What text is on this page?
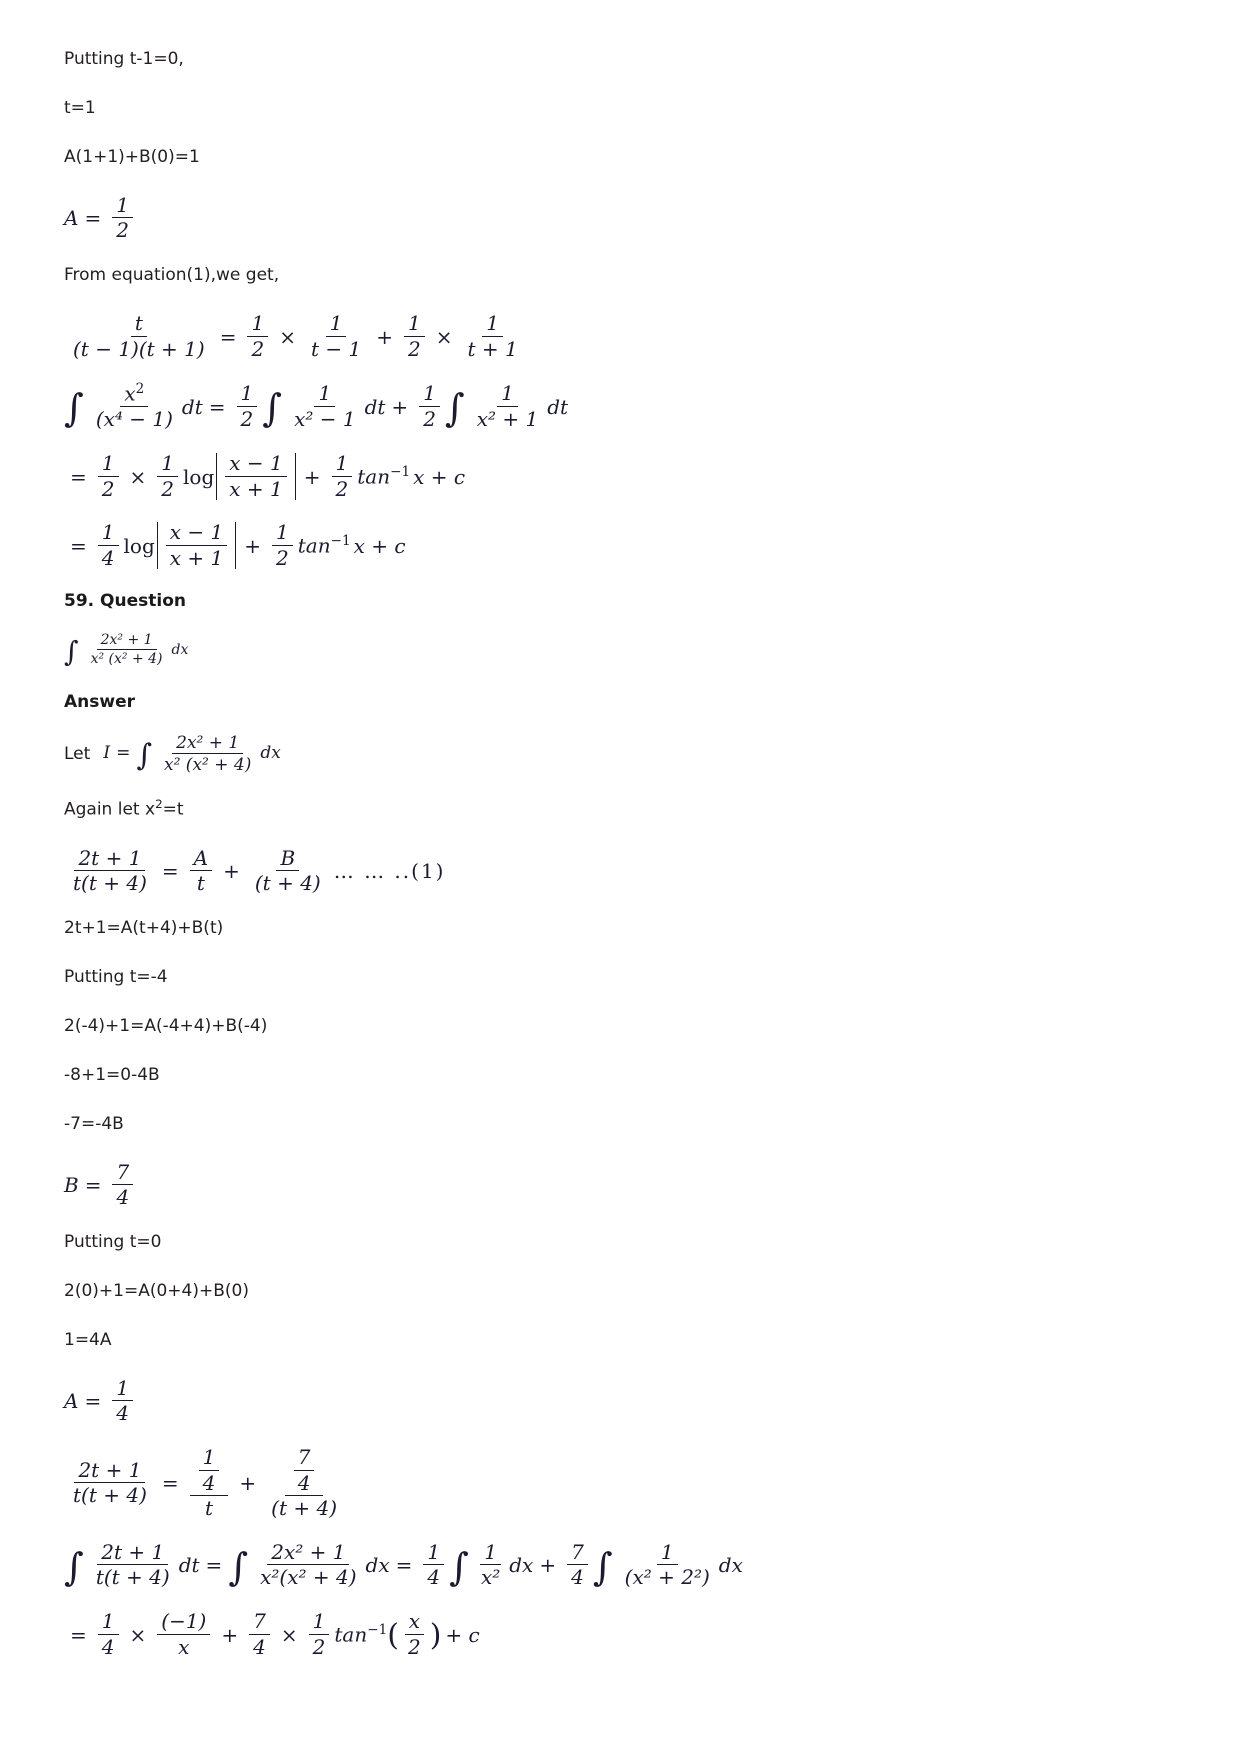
Putting t-1=0,

t=1

A(1+1)+B(0)=1

$A = \frac{1}{2}$

From equation(1),we get,

$\frac{t}{(t - 1)(t + 1)} = \frac{1}{2} \times \frac{1}{t - 1} + \frac{1}{2} \times \frac{1}{t + 1}$
∫ $\frac{x^2}{\text{(x⁴ − 1)}}$ dt = $\frac{1}{2}$ ∫ $\frac{1}{\text{x² − 1}}$ dt + $\frac{1}{2}$ ∫ $\frac{1}{\text{x² + 1}}$ dt
= $\frac{1}{2} \times \frac{1}{2}$ $\log \frac{x - 1}{x + 1} + \frac{1}{2} \tan^{-1} x + c$
= $\frac{1}{4}$ $\log \frac{x - 1}{x + 1} + \frac{1}{2} \tan^{-1} x + c$

59. Question

∫ $\frac{\text{2x² + 1}}{\text{x² (x² + 4)}}$ dx

Answer

Let I = ∫ $\frac{\text{2x² + 1}}{\text{x² (x² + 4)}}$ dx

Again let $x^2=t$

$\frac{2t + 1}{t(t + 4)} = \frac{A}{t} + \frac{B}{(t + 4)}$ … … ..(1)

2t+1=A(t+4)+B(t)

Putting t=-4

2(-4)+1=A(-4+4)+B(-4)

-8+1=0-4B

-7=-4B

$B = \frac{7}{4}$

Putting t=0

2(0)+1=A(0+4)+B(0)

1=4A

$A = \frac{1}{4}$
$\frac{2t + 1}{t(t + 4)} = \frac{\frac{1}{4}}{t} + \frac{\frac{7}{4}}{(t + 4)}$
∫ $\frac{2t + 1}{t(t + 4)}$ dt = ∫ $\frac{\text{2x² + 1}}{\text{x²(x² + 4)}}$ dx = $\frac{1}{4}$ ∫ $\frac{1}{\text{x²}}$ dx + $\frac{7}{4}$ ∫ $\frac{1}{\text{(x² + 2²)}}$ dx
= $\frac{1}{4} \times \frac{(-1)}{x} + \frac{7}{4} \times \frac{1}{2} \tan^{-1}$ ( $\frac{x}{2}$ ) + c
